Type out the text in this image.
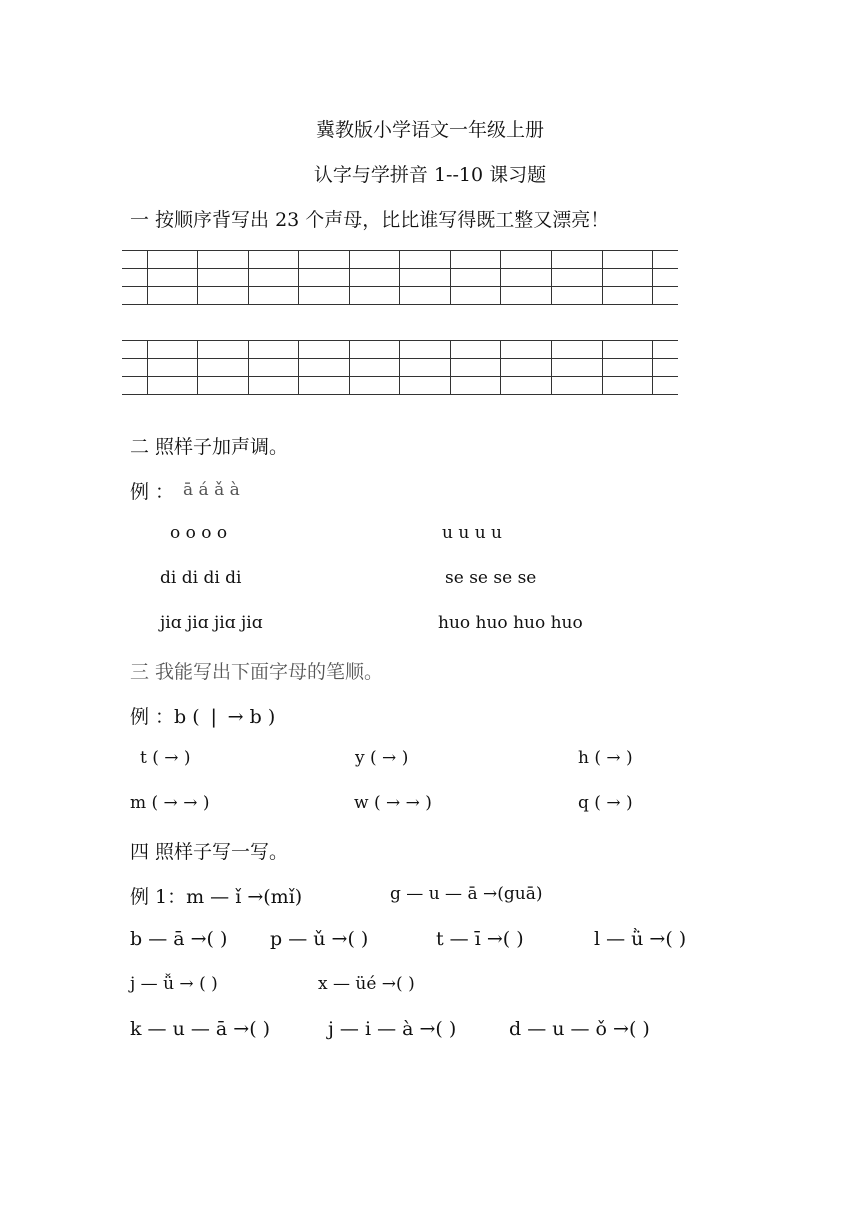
冀教版小学语文一年级上册
认字与学拼音 1--10 课习题
一 按顺序背写出 23 个声母，比比谁写得既工整又漂亮！

二 照样子加声调。
例 ： ā á ǎ à
o o o o	u u u u
di di di di	se se se se
jiɑ jiɑ jiɑ jiɑ	huo huo huo huo
三 我能写出下面字母的笔顺。
例 ：b ( ❘ → b )
t ( → )	y ( → )	h ( → )
m ( → → )	w ( → → )	q ( → )
四 照样子写一写。
例 1：m — ǐ →(mǐ)	g — u — ā →(guā)
b — ā →( ) p — ǔ →( )	t — ī →( )	l — ǜ →( )
j — ǚ → ( )	x — üé →( )
k — u — ā →( )	j — i — à →( )	d — u — ǒ →( )
